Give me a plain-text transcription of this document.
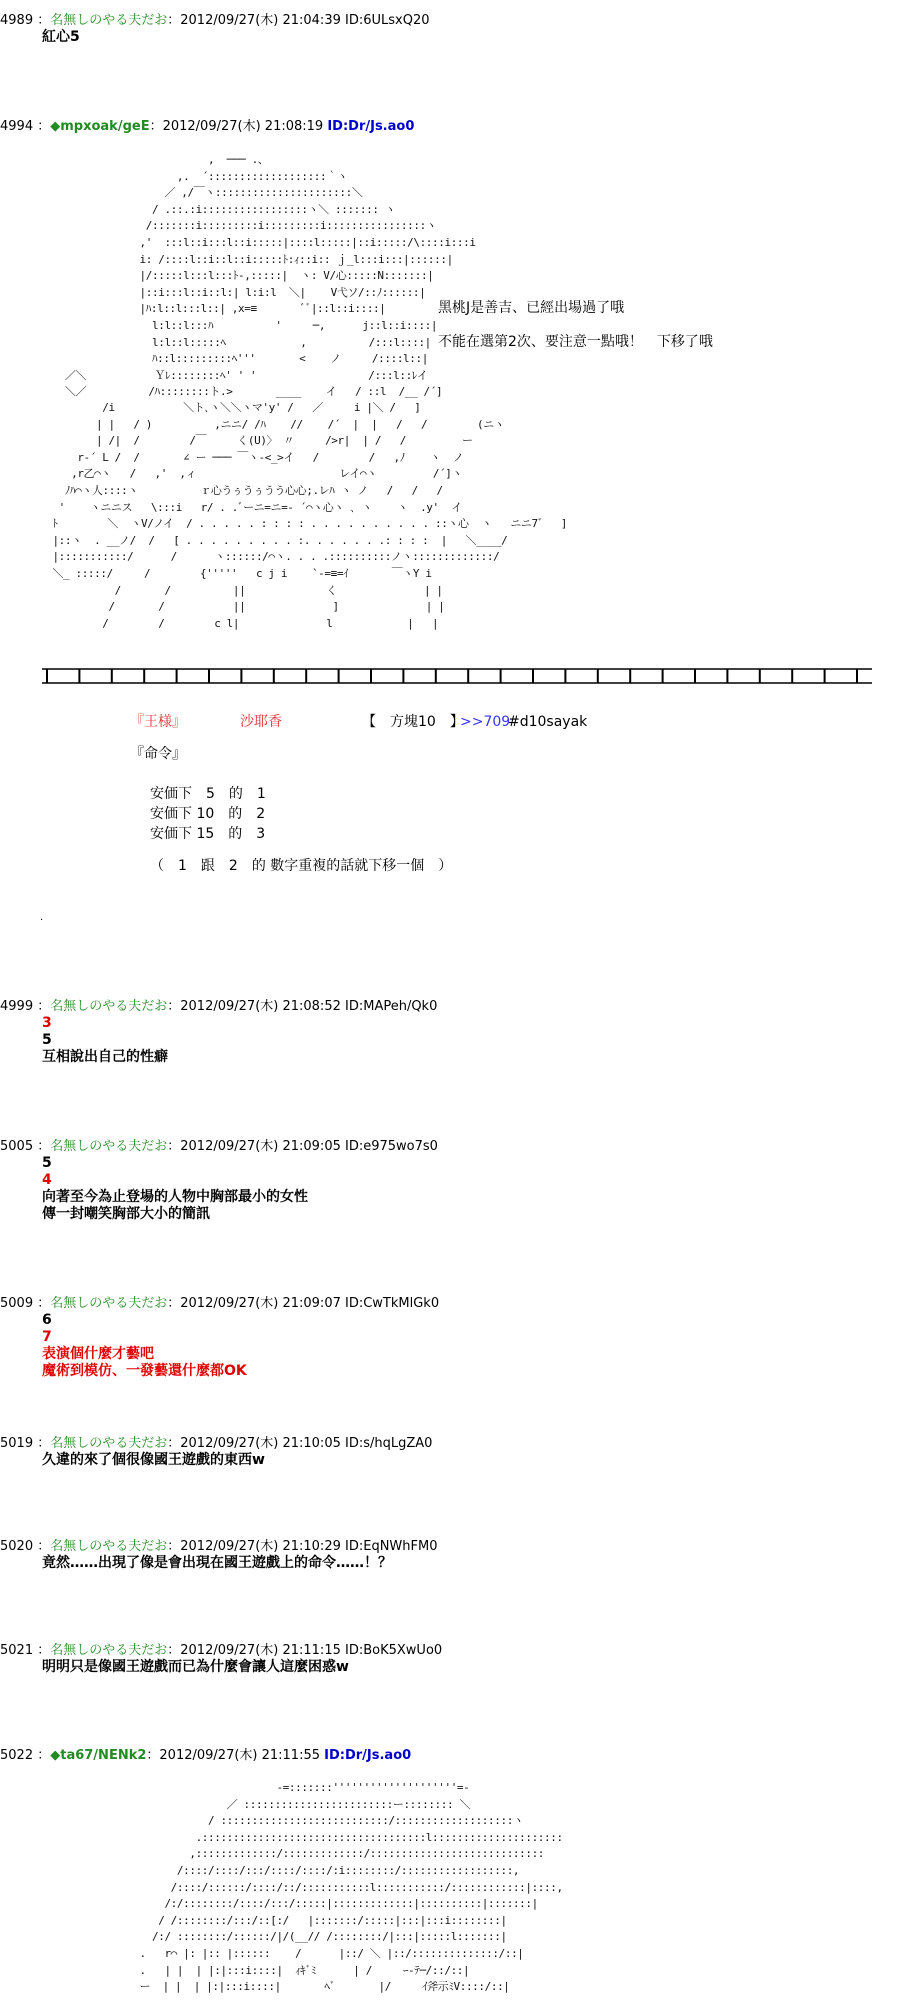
4989 ：名無しのやる夫だお：2012/09/27(木) 21:04:39 ID:6ULsxQ20
紅心5
4994 ：◆mpxoak/geE：2012/09/27(木) 21:08:19 ID:Dr/Js.ao0
,  ─── .、
,.  ´:::::::::::::::::::｀ヽ
／ ,/￣ヽ::::::::::::::::::::::＼
/ .::.:i:::::::::::::::::ヽ＼ ::::::: ヽ
/:::::::i:::::::::i:::::::::i::::::::::::::::ヽ
,'  :::l::i:::l::i:::::|::::l:::::|::i:::::/\::::i:::i
i: /::::l::i::l::i:::::ﾄ:ｨ::i:: ｊ_l:::i:::|::::::|
|/:::::l:::l:::ﾄ-,:::::|  ヽ: V/心:::::N:::::::|
|::i:::l::i::l:| l:i:l  ＼|    V弋ソ/::ﾉ::::::|
|ﾊ:l::l:::l::| ,x=≡       ﾞﾞ|::l::i::::|
l:l::l:::ﾊ          '     ─,      j::l::i::::|
l:l::l:::::ﾍ            ,          /:::l::::|
ﾊ::l:::::::::ﾍ'''       <    ノ     /::::l::|
／＼           Ｙﾚ::::::::ﾍ' ' '                  /:::l::ﾚイ
＼／          /ﾊ::::::::ト.>       ____    イ   / ::l  /__ /´]
/i           ＼ト､ヽ＼＼ヽマ'y' /   ／     i |＼ /   ]
| |   / )          ,ニニ/ /ﾊ    //    /´  |  |   /   /        (ニヽ
| /|  /        /￣     く(U)〉 〃     />r|  | /   /         ー
r‐´ L /  /       ∠ ー ─── ￣ヽ‐<_>イ   /        /   ,ﾉ    ヽ  ノ
,r乙⌒ヽ   /   ,'  ,ィ                       レイ⌒ヽ         /´]ヽ
ﾉﾊ⌒ヽ人::::ヽ          ｒ心うぅうぅうう心心;.レﾊ ヽ ノ   /   /   /
'    ヽニニス   \:::i   r/ . .ﾞーニ=ニ=‐ ´⌒ヽ心ヽ ､ ヽ    ヽ  .y'  イ
ﾄ        ＼  ヽV/ノイ  / . . . . . : : : : . . . . . . . . . . ::ヽ心  ヽ   ニニ7゛  ]
|::ヽ  . __ノ/  /   [ . . . . . . . . . :. . . . . . .: : : :  |   ＼____/
|:::::::::::/      /      ヽ::::::/⌒ヽ. . . .::::::::::ノヽ:::::::::::::/
＼_ :::::/     /        {'''''   c j i    `‐=≡=ｲ       ￣ヽY i
/       /          ||             く              | |
/       /           ||              ]              | |
/        /        c l|              l            |   |
黑桃J是善吉、已經出場過了哦
不能在選第2次、要注意一點哦！　下移了哦
『王様』	沙耶香	【　方塊10　】
>>709
#d10sayak
『命令』
安価下　5　的　1
安価下 10　的　2
安価下 15　的　3
（　1　跟　2　的 數字重複的話就下移一個　）
.
4999 ：名無しのやる夫だお：2012/09/27(木) 21:08:52 ID:MAPeh/Qk0
3
5
互相說出自己的性癖
5005 ：名無しのやる夫だお：2012/09/27(木) 21:09:05 ID:e975wo7s0
5
4
向著至今為止登場的人物中胸部最小的女性
傳一封嘲笑胸部大小的簡訊
5009 ：名無しのやる夫だお：2012/09/27(木) 21:09:07 ID:CwTkMlGk0
6
7
表演個什麼才藝吧
魔術到模仿、一發藝還什麼都OK
5019 ：名無しのやる夫だお：2012/09/27(木) 21:10:05 ID:s/hqLgZA0
久違的來了個很像國王遊戲的東西w
5020 ：名無しのやる夫だお：2012/09/27(木) 21:10:29 ID:EqNWhFM0
竟然……出現了像是會出現在國王遊戲上的命令……！？
5021 ：名無しのやる夫だお：2012/09/27(木) 21:11:15 ID:BoK5XwUo0
明明只是像國王遊戲而已為什麼會讓人這麼困惑w
5022 ：◆ta67/NENk2：2012/09/27(木) 21:11:55 ID:Dr/Js.ao0
-=:::::::''''''''''''''''''''=-
／ ::::::::::::::::::::::::ー:::::::: ＼
/ :::::::::::::::::::::::::::/:::::::::::::::::::ヽ
.::::::::::::::::::::::::::::::::::::l:::::::::::::::::::::
,:::::::::::::/:::::::::::::/::::::::::::::::::::::::::::
/::::/::::/:::/::::/::::/:i::::::::/::::::::::::::::::,
/::::/::::::/::::/::/:::::::::::l:::::::::::/::::::::::::|::::,
/:/::::::::/::::/:::/:::::|:::::::::::::|::::::::::|:::::::|
/ /::::::::/:::/::[:/   |:::::::/:::::|:::|:::i::::::::|
/:/ ::::::::/::::::/|/(__// /::::::::/|:::|:::::l:::::::|
.   r⌒ |: |:: |::::::    /      |::/ ＼ |::/::::::::::::::/::|
.   | |  | |:|:::i::::|  ｨｷﾞﾐ      | /     ｰ-ﾃ─/::/::|
ー  | |  | |:|:::i::::|       ﾍﾞ       |/     ｲ斧示ﾐV::::/::|
